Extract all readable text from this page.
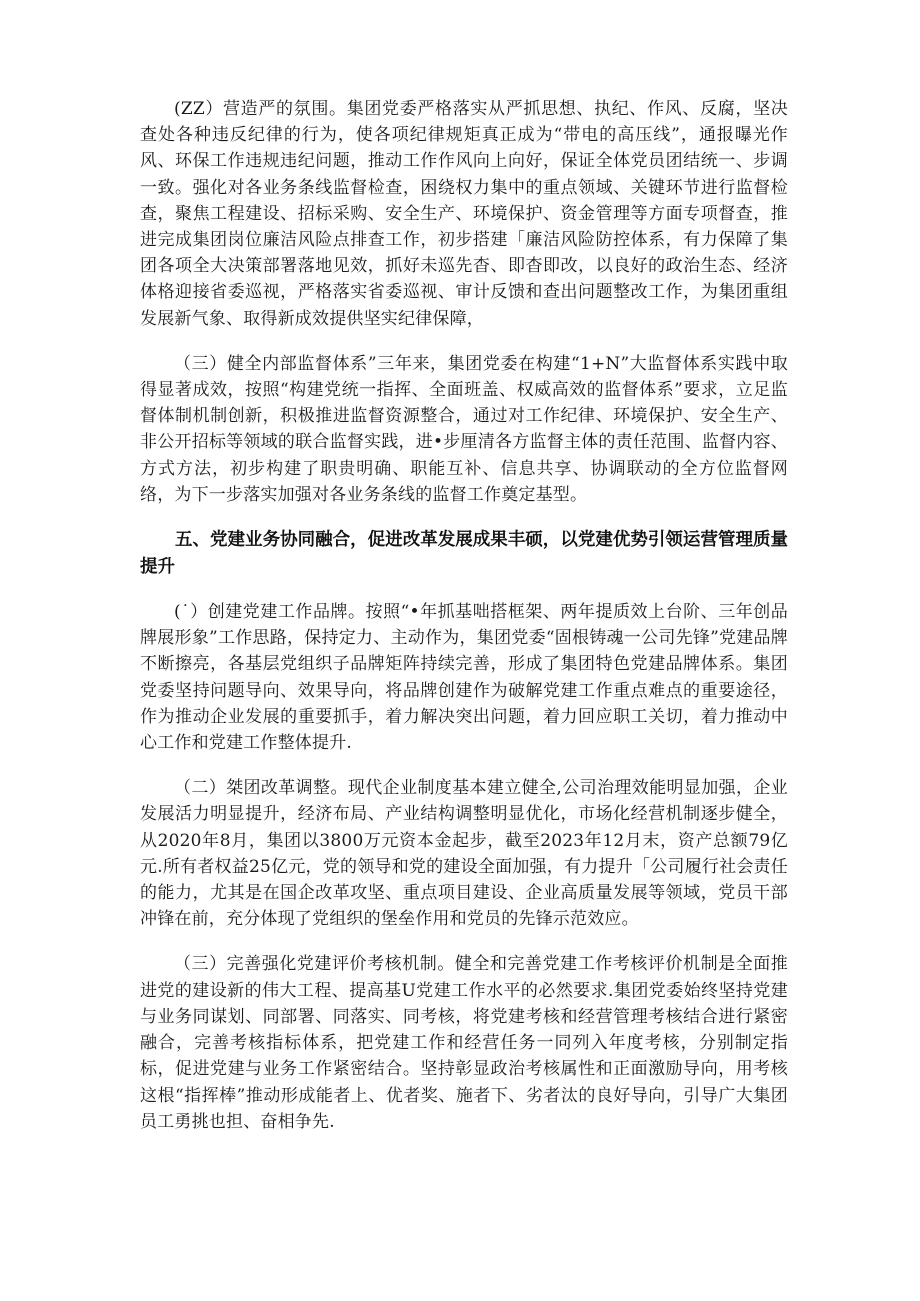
(ZZ）营造严的氛围。集团党委严格落实从严抓思想、执纪、作风、反腐，坚决查处各种违反纪律的行为，使各项纪律规矩真正成为“带电的高压线”，通报曝光作风、环保工作违规违纪问题，推动工作作风向上向好，保证全体党员团结统一、步调一致。强化对各业务条线监督检查，困绕权力集中的重点领域、关键环节进行监督检查，聚焦工程建设、招标采购、安全生产、环境保护、资金管理等方面专项督查，推进完成集团岗位廉洁风险点排查工作，初步搭建「廉洁风险防控体系，有力保障了集团各项全大决策部署落地见效，抓好未巡先杳、即杳即改，以良好的政治生态、经济体格迎接省委巡视，严格落实省委巡视、审计反馈和查出问题整改工作，为集团重组发展新气象、取得新成效提供坚实纪律保障，

（三）健全内部监督体系”三年来，集团党委在构建“1+N”大监督体系实践中取得显著成效，按照“构建党统一指挥、全面班盖、权威高效的监督体系”要求，立足监督体制机制创新，积极推进监督资源整合，通过对工作纪律、环境保护、安全生产、非公开招标等领域的联合监督实践，进•步厘清各方监督主体的责任范围、监督内容、方式方法，初步构建了职贵明确、职能互补、信息共享、协调联动的全方位监督网络，为下一步落实加强对各业务条线的监督工作奠定基型。

五、党建业务协同融合，促进改革发展成果丰硕，以党建优势引领运营管理质量提升

(˙）创建党建工作品牌。按照“•年抓基咄搭框架、两年提质效上台阶、三年创品牌展形象”工作思路，保持定力、主动作为，集团党委“固根铸魂一公司先锋”党建品牌不断擦亮，各基层党组织子品牌矩阵持续完善，形成了集团特色党建品牌体系。集团党委坚持问题导向、效果导向，将品牌创建作为破解党建工作重点难点的重要途径，作为推动企业发展的重要抓手，着力解决突出问题，着力回应职工关切，着力推动中心工作和党建工作整体提升.

（二）桀团改革调整。现代企业制度基本建立健全,公司治理效能明显加强，企业发展活力明显提升，经济布局、产业结构调整明显优化，市场化经营机制逐步健全，从2020年8月，集团以3800万元资本金起步，截至2023年12月末，资产总额79亿元.所有者权益25亿元，党的领导和党的建设全面加强，有力提升「公司履行社会责任的能力，尤其是在国企改革攻坚、重点项目建设、企业高质量发展等领域，党员干部冲锋在前，充分体现了党组织的堡垒作用和党员的先锋示范效应。

（三）完善强化党建评价考核机制。健全和完善党建工作考核评价机制是全面推进党的建设新的伟大工程、提高基U党建工作水平的必然要求.集团党委始终坚持党建与业务同谋划、同部署、同落实、同考核，将党建考核和经营管理考核结合进行紧密融合，完善考核指标体系，把党建工作和经营任务一同列入年度考核，分别制定指标，促进党建与业务工作紧密结合。坚持彰显政治考核属性和正面激励导向，用考核这根“指挥棒”推动形成能者上、优者奖、施者下、劣者汰的良好导向，引导广大集团员工勇挑也担、奋相争先.
